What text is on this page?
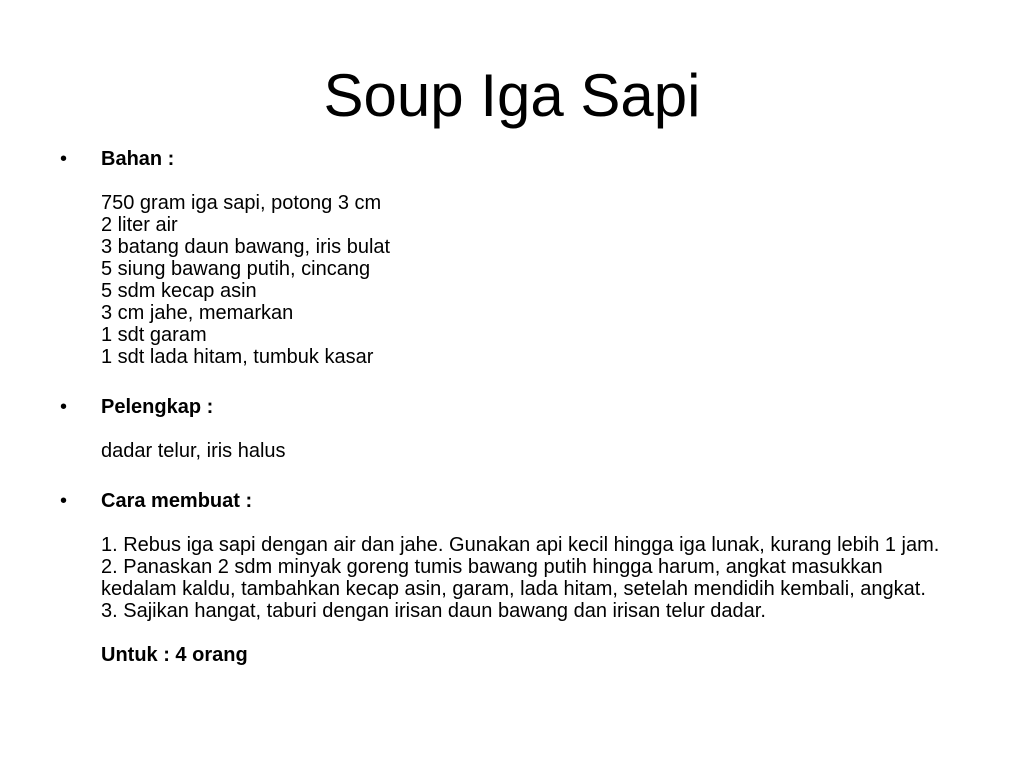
Soup Iga Sapi
•	Bahan :
750 gram iga sapi, potong 3 cm
2 liter air
3 batang daun bawang, iris bulat
5 siung bawang putih, cincang
5 sdm kecap asin
3 cm jahe, memarkan
1 sdt garam
1 sdt lada hitam, tumbuk kasar
•	Pelengkap :
dadar telur, iris halus
•	Cara membuat :
1. Rebus iga sapi dengan air dan jahe. Gunakan api kecil hingga iga lunak, kurang lebih 1 jam.
2. Panaskan 2 sdm minyak goreng tumis bawang putih hingga harum, angkat masukkan kedalam kaldu, tambahkan kecap asin, garam, lada hitam, setelah mendidih kembali, angkat.
3. Sajikan hangat, taburi dengan irisan daun bawang dan irisan telur dadar.
Untuk : 4 orang
